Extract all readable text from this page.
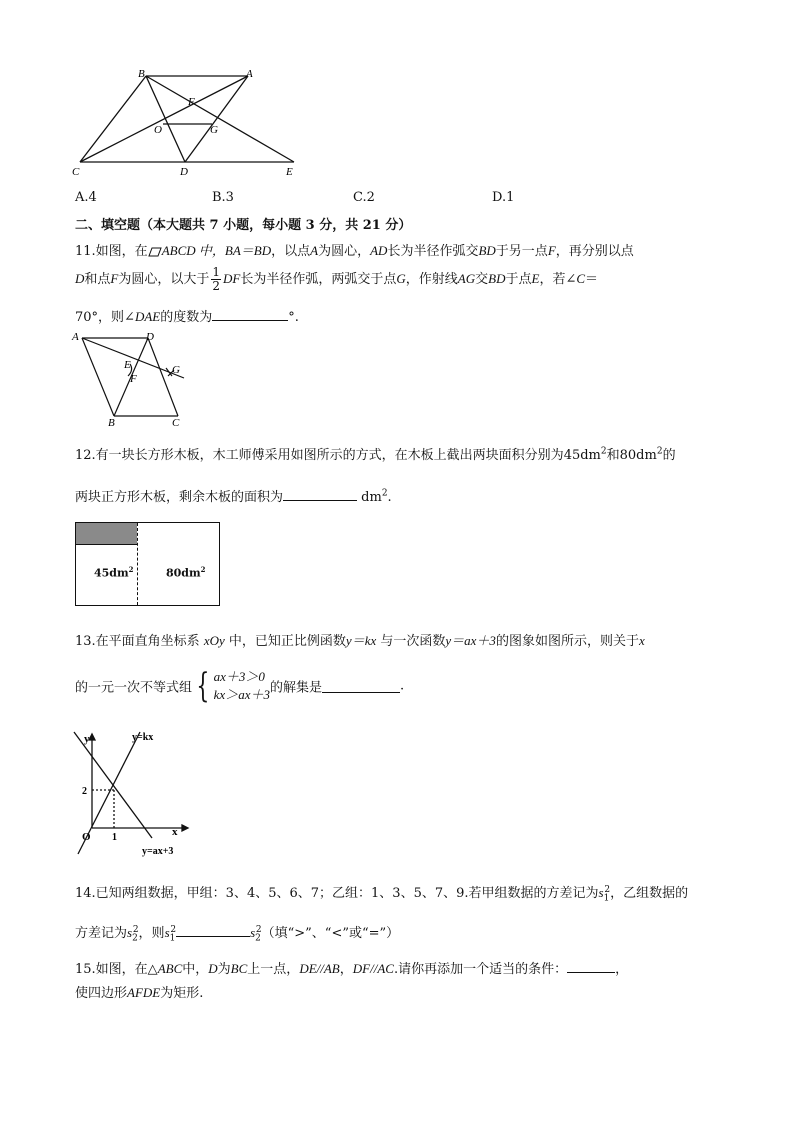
B	A
F
O	G
C	D	E
A.4	B.3	C.2	D.1
二、填空题（本大题共 7 小题，每小题 3 分，共 21 分）
11.如图，在 ABCD 中，BA＝BD，以点A为圆心，AD长为半径作弧交BD于另一点F，再分别以点
D和点F为圆心，以大于 $\frac{1}{2}$ DF长为半径作弧，两弧交于点G，作射线AG交BD于点E，若∠C＝
70°，则∠DAE的度数为	°.
A	D
E	G
F
B	C
12.有一块长方形木板，木工师傅采用如图所示的方式，在木板上截出两块面积分别为$45dm^2$和$80dm^2$的
两块正方形木板，剩余木板的面积为	$dm^2$.
$45dm^2$	$80dm^2$
13.在平面直角坐标系 xOy 中，已知正比例函数y＝kx 与一次函数y＝ax＋3的图象如图所示，则关于x
的一元一次不等式组 { ax＋3＞0
kx＞ax＋3 的解集是	.
y
x
O 1
2
y=kx
y=ax+3
14.已知两组数据，甲组：3、4、5、6、7；乙组：1、3、5、7、9.若甲组数据的方差记为$s_1^2$，乙组数据的
方差记为$s_2^2$，则$s_1^2$	$s_2^2$（填“>”、“<”或“=”）
15.如图，在△ABC中，D为BC上一点，DE//AB，DF//AC.请你再添加一个适当的条件：	，
使四边形AFDE为矩形.
